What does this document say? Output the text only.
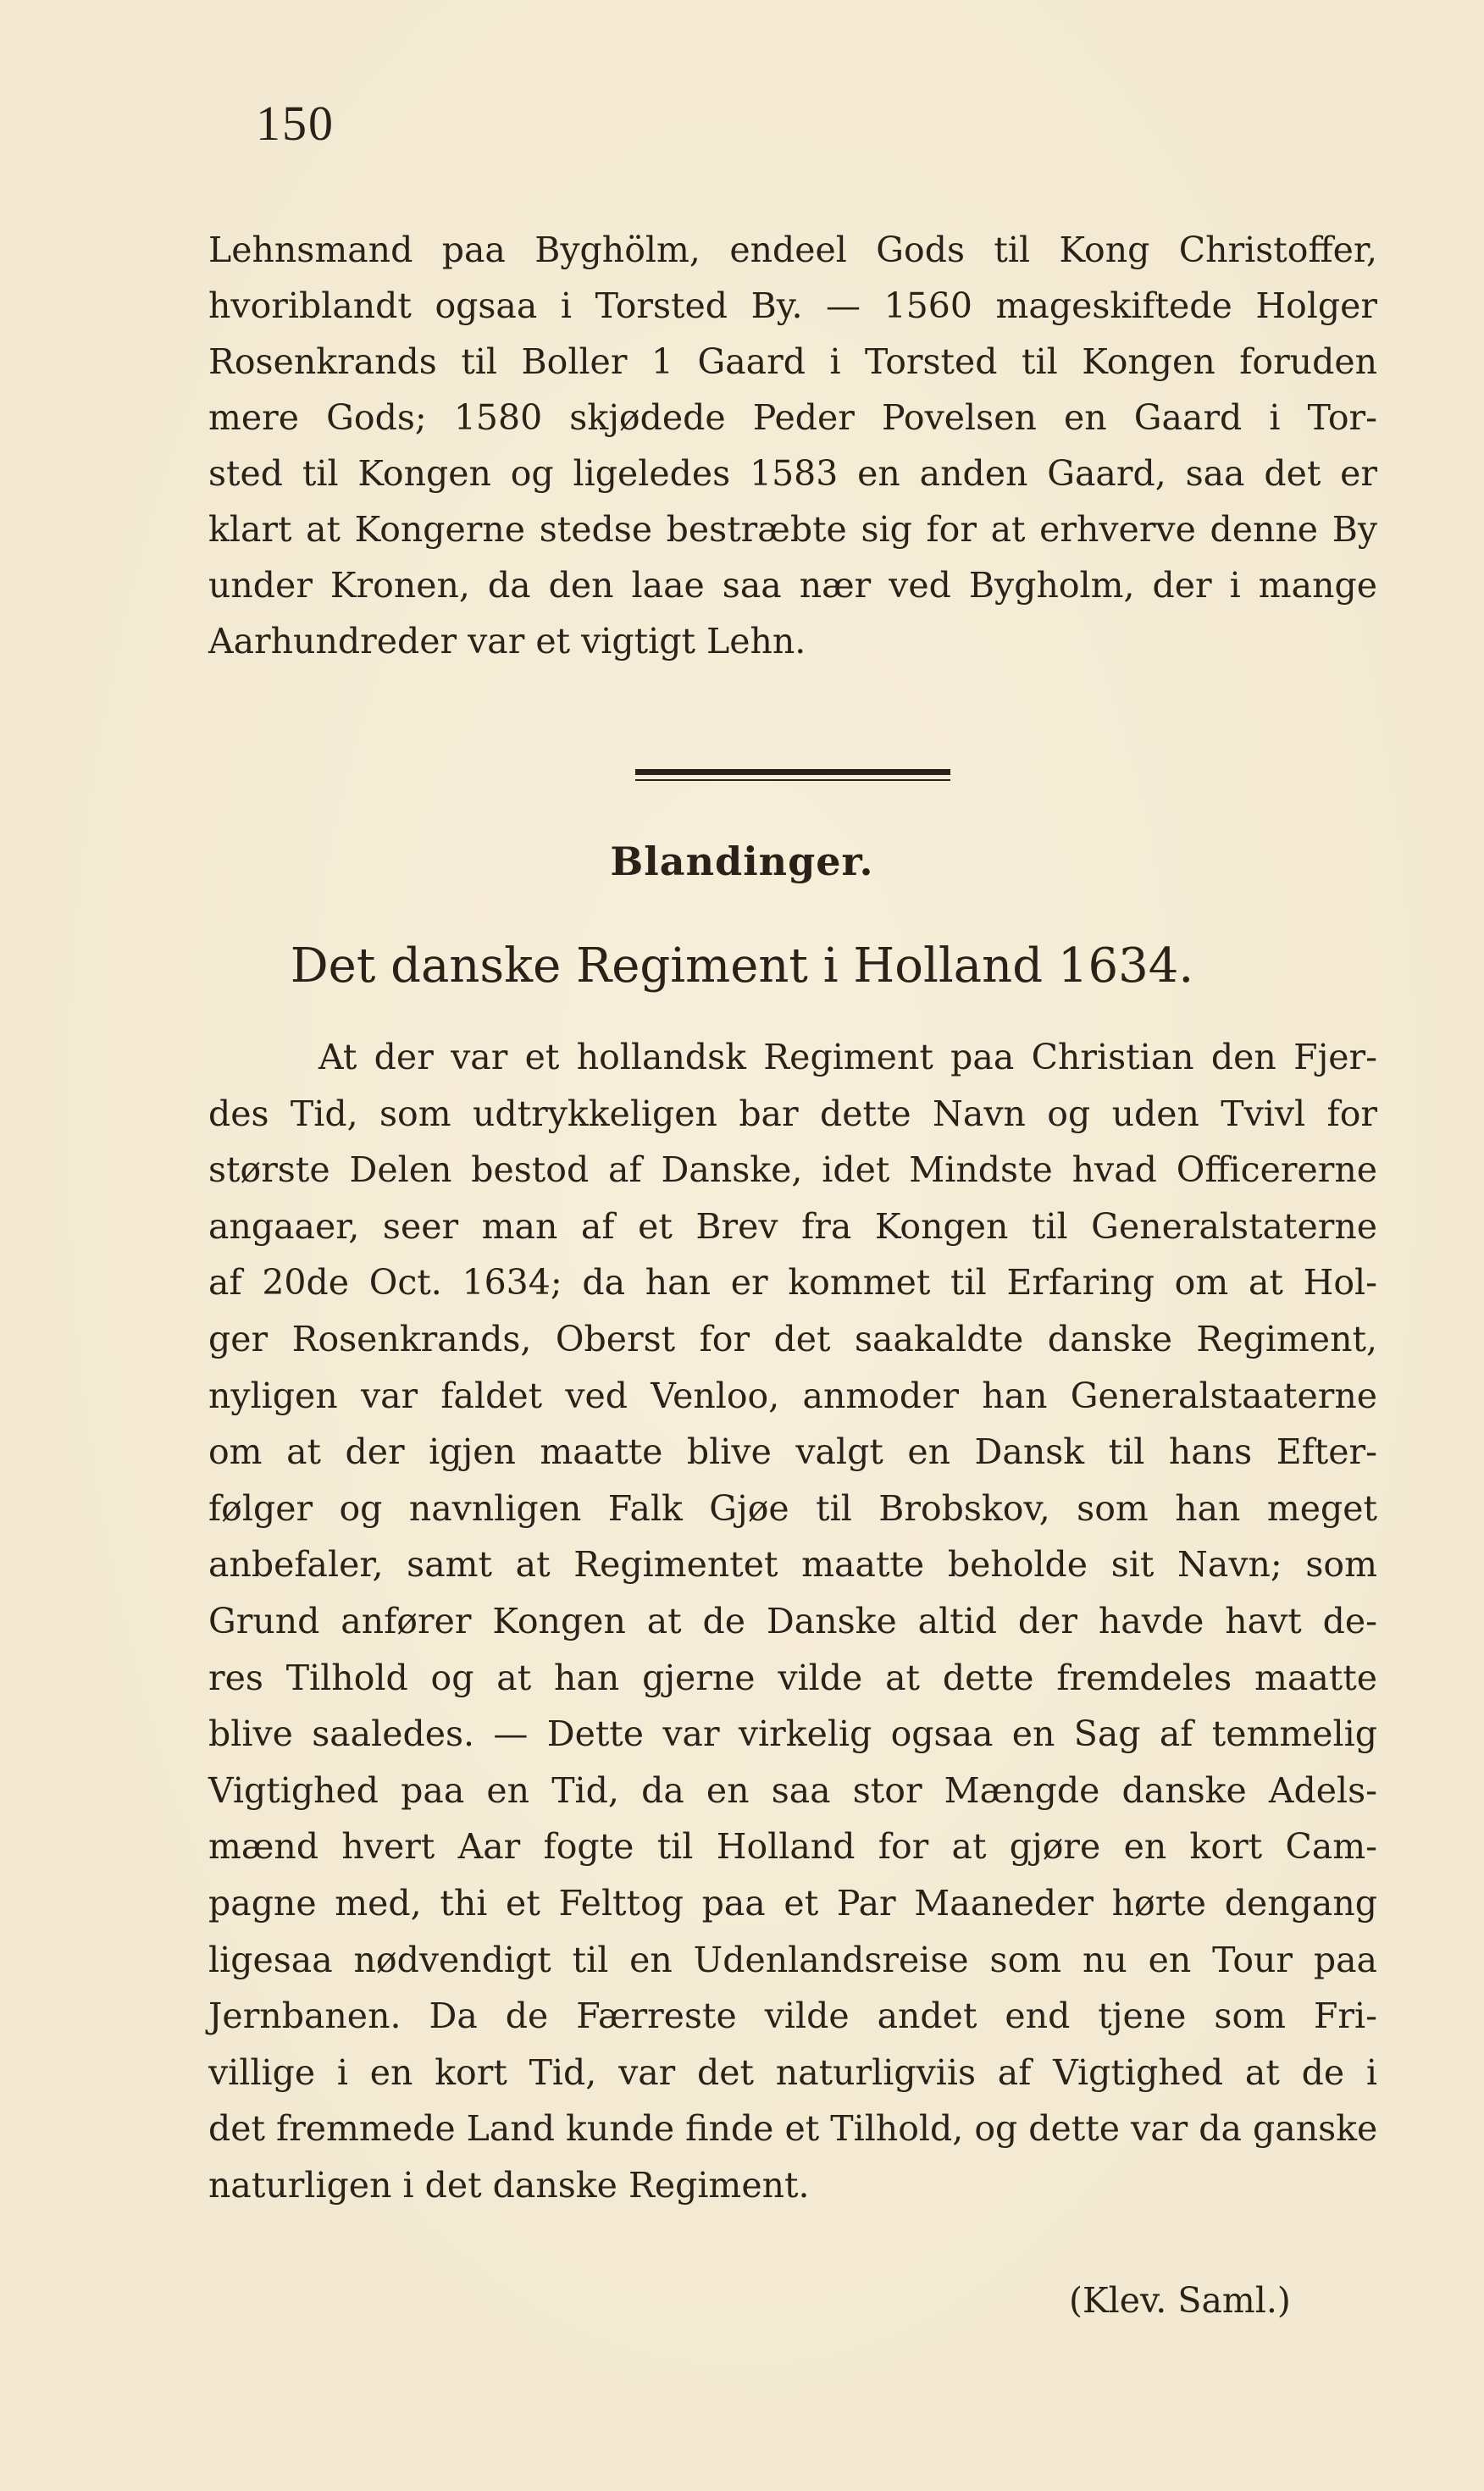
150
Lehnsmand paa Byghölm, endeel Gods til Kong Christoffer,
hvoriblandt ogsaa i Torsted By. — 1560 mageskiftede Holger
Rosenkrands til Boller 1 Gaard i Torsted til Kongen foruden
mere Gods; 1580 skjødede Peder Povelsen en Gaard i Tor-
sted til Kongen og ligeledes 1583 en anden Gaard, saa det er
klart at Kongerne stedse bestræbte sig for at erhverve denne By
under Kronen, da den laae saa nær ved Bygholm, der i mange
Aarhundreder var et vigtigt Lehn.
Blandinger.
Det danske Regiment i Holland 1634.
At der var et hollandsk Regiment paa Christian den Fjer-
des Tid, som udtrykkeligen bar dette Navn og uden Tvivl for
største Delen bestod af Danske, idet Mindste hvad Officererne
angaaer, seer man af et Brev fra Kongen til Generalstaterne
af 20de Oct. 1634; da han er kommet til Erfaring om at Hol-
ger Rosenkrands, Oberst for det saakaldte danske Regiment,
nyligen var faldet ved Venloo, anmoder han Generalstaaterne
om at der igjen maatte blive valgt en Dansk til hans Efter-
følger og navnligen Falk Gjøe til Brobskov, som han meget
anbefaler, samt at Regimentet maatte beholde sit Navn; som
Grund anfører Kongen at de Danske altid der havde havt de-
res Tilhold og at han gjerne vilde at dette fremdeles maatte
blive saaledes. — Dette var virkelig ogsaa en Sag af temmelig
Vigtighed paa en Tid, da en saa stor Mængde danske Adels-
mænd hvert Aar fogte til Holland for at gjøre en kort Cam-
pagne med, thi et Felttog paa et Par Maaneder hørte dengang
ligesaa nødvendigt til en Udenlandsreise som nu en Tour paa
Jernbanen. Da de Færreste vilde andet end tjene som Fri-
villige i en kort Tid, var det naturligviis af Vigtighed at de i
det fremmede Land kunde finde et Tilhold, og dette var da ganske
naturligen i det danske Regiment.
(Klev. Saml.)
